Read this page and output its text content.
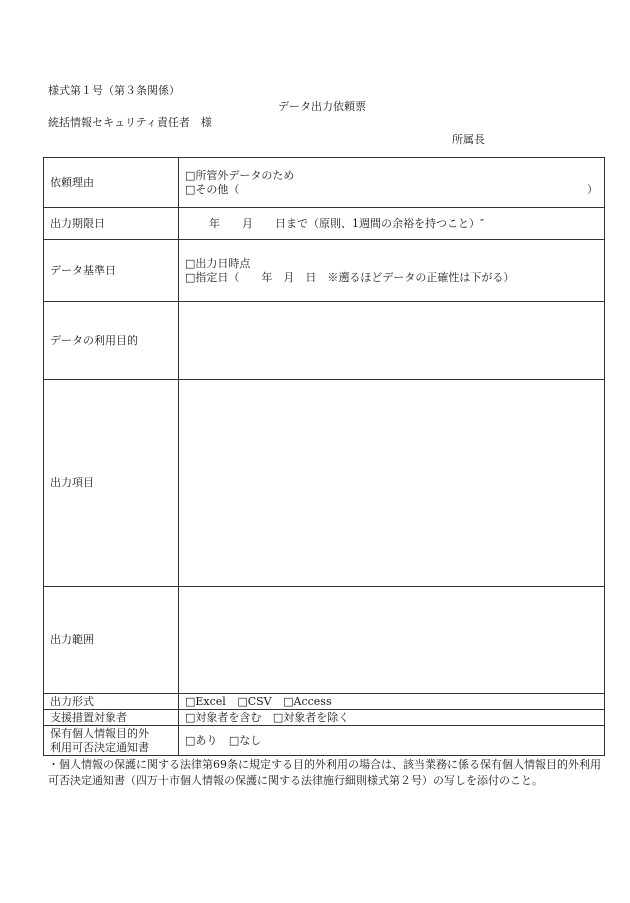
様式第１号（第３条関係）
データ出力依頼票
統括情報セキュリティ責任者　様
所属長
依頼理由	□所管外データのため
□その他（ ）

出力期限日	年 月 日まで（原則、1週間の余裕を持つこと）″
データ基準日	□出力日時点
□指定日（　　年　月　日　※遡るほどデータの正確性は下がる）

データの利用目的	
出力項目	
出力範囲	
出力形式	□Excel □CSV □Access
支援措置対象者	□対象者を含む □対象者を除く

保有個人情報目的外
利用可否決定通知書	□あり □なし
・個人情報の保護に関する法律第69条に規定する目的外利用の場合は、該当業務に係る保有個人情報目的外利用可否決定通知書（四万十市個人情報の保護に関する法律施行細則様式第２号）の写しを添付のこと。
